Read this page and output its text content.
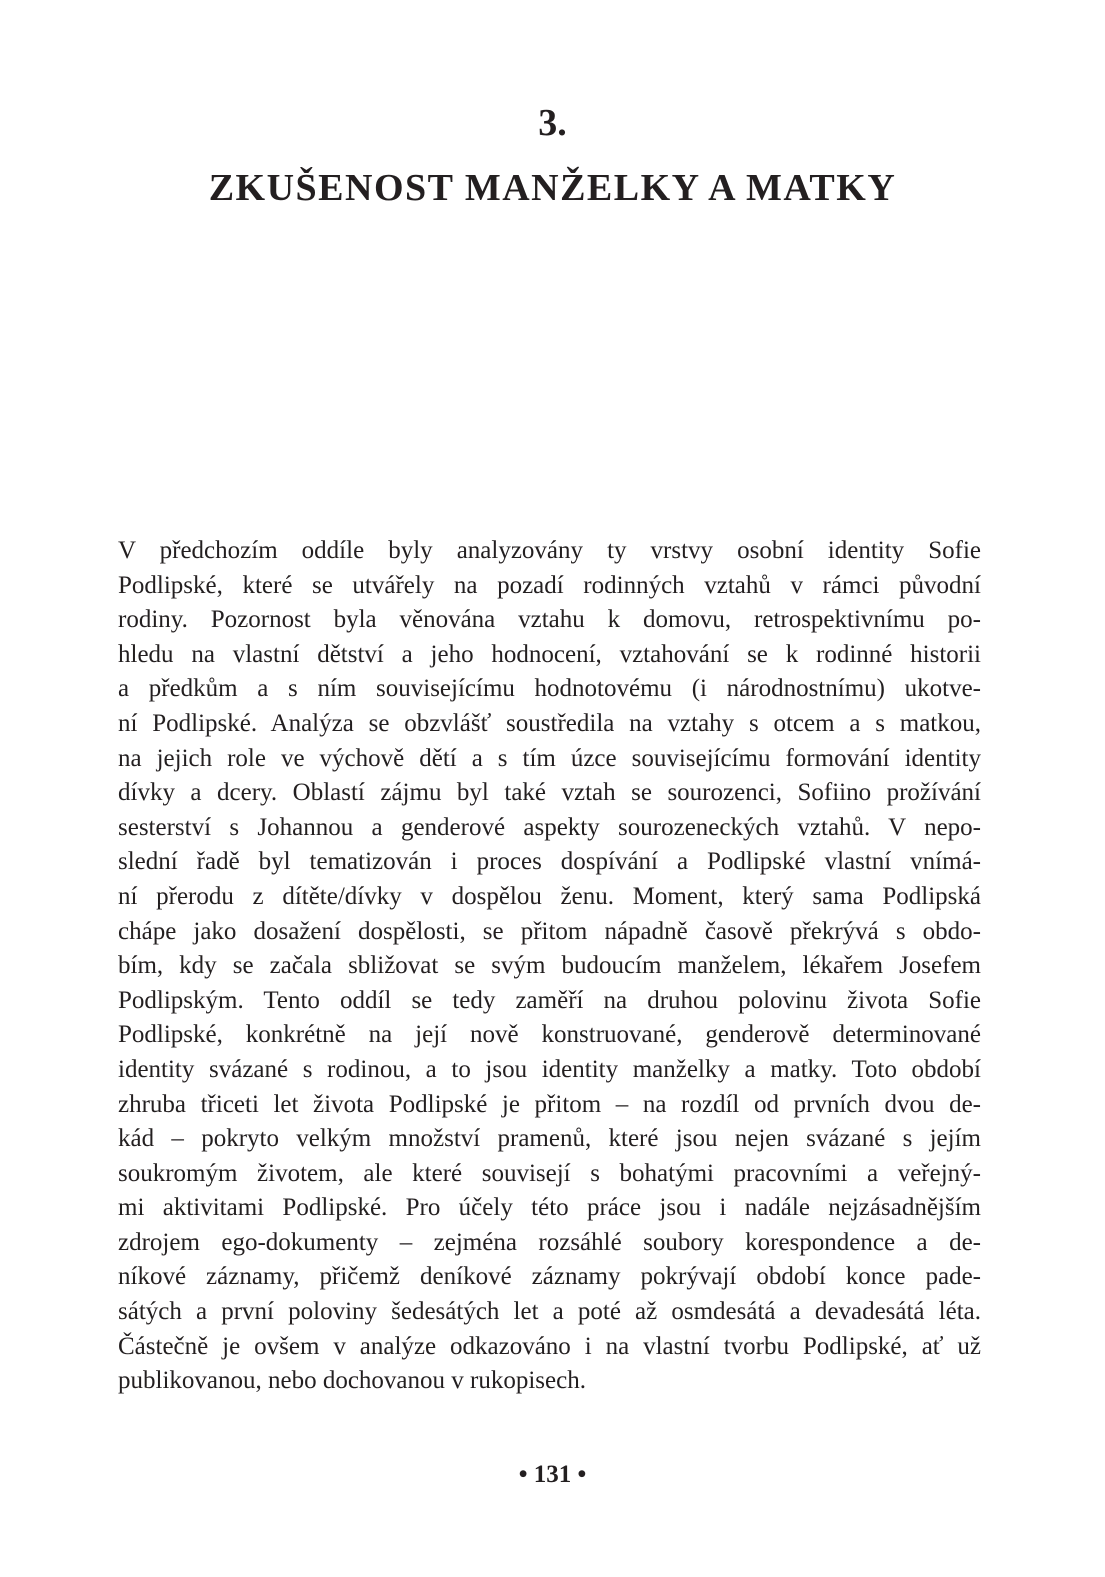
3.
ZKUŠENOST MANŽELKY A MATKY
V předchozím oddíle byly analyzovány ty vrstvy osobní identity Sofie
Podlipské, které se utvářely na pozadí rodinných vztahů v rámci původní
rodiny. Pozornost byla věnována vztahu k domovu, retrospektivnímu po-
hledu na vlastní dětství a jeho hodnocení, vztahování se k rodinné historii
a předkům a s ním souvisejícímu hodnotovému (i národnostnímu) ukotve-
ní Podlipské. Analýza se obzvlášť soustředila na vztahy s otcem a s matkou,
na jejich role ve výchově dětí a s tím úzce souvisejícímu formování identity
dívky a dcery. Oblastí zájmu byl také vztah se sourozenci, Sofiino prožívání
sesterství s Johannou a genderové aspekty sourozeneckých vztahů. V nepo-
slední řadě byl tematizován i proces dospívání a Podlipské vlastní vnímá-
ní přerodu z dítěte/dívky v dospělou ženu. Moment, který sama Podlipská
chápe jako dosažení dospělosti, se přitom nápadně časově překrývá s obdo-
bím, kdy se začala sbližovat se svým budoucím manželem, lékařem Josefem
Podlipským. Tento oddíl se tedy zaměří na druhou polovinu života Sofie
Podlipské, konkrétně na její nově konstruované, genderově determinované
identity svázané s rodinou, a to jsou identity manželky a matky. Toto období
zhruba třiceti let života Podlipské je přitom – na rozdíl od prvních dvou de-
kád – pokryto velkým množství pramenů, které jsou nejen svázané s jejím
soukromým životem, ale které souvisejí s bohatými pracovními a veřejný-
mi aktivitami Podlipské. Pro účely této práce jsou i nadále nejzásadnějším
zdrojem ego-dokumenty – zejména rozsáhlé soubory korespondence a de-
níkové záznamy, přičemž deníkové záznamy pokrývají období konce pade-
sátých a první poloviny šedesátých let a poté až osmdesátá a devadesátá léta.
Částečně je ovšem v analýze odkazováno i na vlastní tvorbu Podlipské, ať už
publikovanou, nebo dochovanou v rukopisech.
• 131 •
